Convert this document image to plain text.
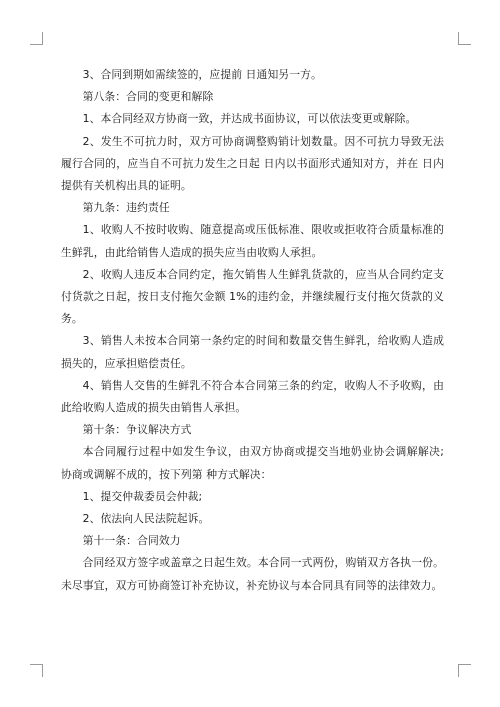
3、合同到期如需续签的，应提前 日通知另一方。

第八条：合同的变更和解除

1、本合同经双方协商一致，并达成书面协议，可以依法变更或解除。

2、发生不可抗力时，双方可协商调整购销计划数量。因不可抗力导致无法履行合同的，应当自不可抗力发生之日起 日内以书面形式通知对方，并在 日内提供有关机构出具的证明。

第九条：违约责任

1、收购人不按时收购、随意提高或压低标准、限收或拒收符合质量标准的生鲜乳，由此给销售人造成的损失应当由收购人承担。

2、收购人违反本合同约定，拖欠销售人生鲜乳货款的，应当从合同约定支付货款之日起，按日支付拖欠金额 1%的违约金，并继续履行支付拖欠货款的义务。

3、销售人未按本合同第一条约定的时间和数量交售生鲜乳，给收购人造成损失的，应承担赔偿责任。

4、销售人交售的生鲜乳不符合本合同第三条的约定，收购人不予收购，由此给收购人造成的损失由销售人承担。

第十条：争议解决方式

本合同履行过程中如发生争议，由双方协商或提交当地奶业协会调解解决;协商或调解不成的，按下列第 种方式解决：

1、提交仲裁委员会仲裁;

2、依法向人民法院起诉。

第十一条：合同效力

合同经双方签字或盖章之日起生效。本合同一式两份，购销双方各执一份。未尽事宜，双方可协商签订补充协议，补充协议与本合同具有同等的法律效力。
